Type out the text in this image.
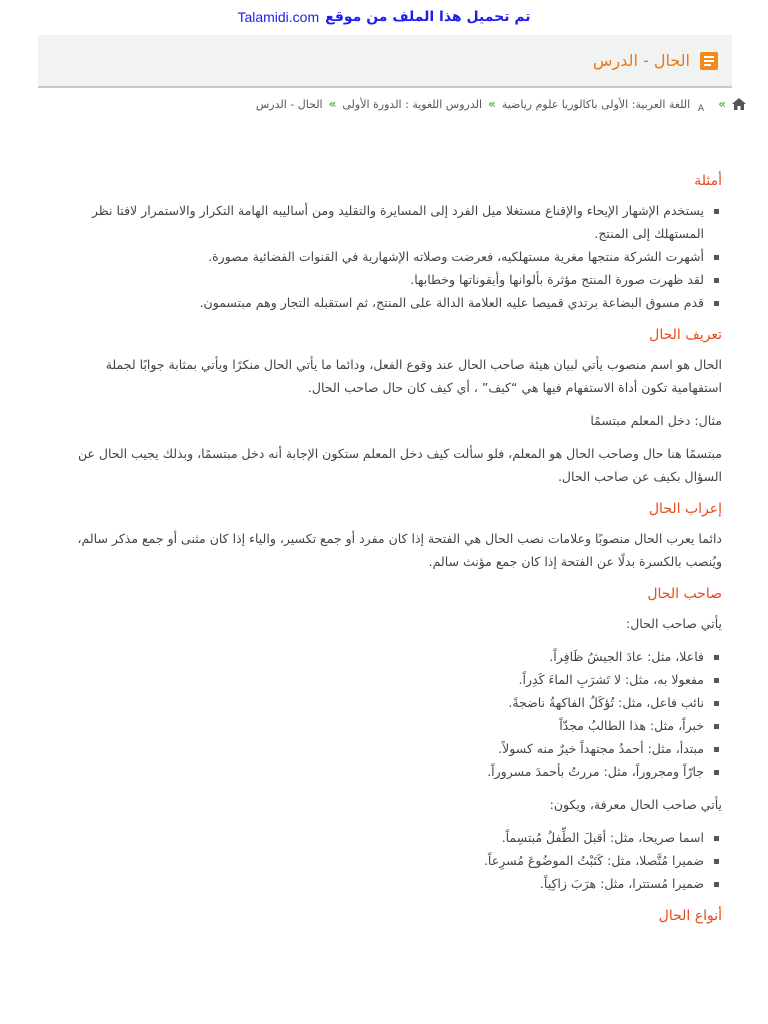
تم تحميل هذا الملف من موقع
Talamidi.com
الحال - الدرس
»
A
اللغة العربية: الأولى باكالوريا علوم رياضية
»
الدروس اللغوية : الدورة الأولى
»
الحال - الدرس
أمثلة
يستخدم الإشهار الإيحاء والإقناع مستغلا ميل الفرد إلى المسايرة والتقليد ومن أساليبه الهامة التكرار والاستمرار لافتا نظر المستهلك إلى المنتج.
أشهرت الشركة منتجها مغرية مستهلكيه، فعرضت وصلاته الإشهارية في القنوات الفضائية مصورة.
لقد ظهرت صورة المنتج مؤثرة بألوانها وأيقوناتها وخطابها.
قدم مسوق البضاعة برتدي قميصا عليه العلامة الدالة على المنتج، ثم استقبله التجار وهم مبتسمون.
تعريف الحال

الحال هو اسم منصوب يأتي لبيان هيئة صاحب الحال عند وقوع الفعل، ودائما ما يأتي الحال منكرًا ويأتي بمثابة جوابًا لجملة استفهامية تكون أداة الاستفهام فيها هي “كيف” ، أي كيف كان حال صاحب الحال.

مثال: دخل المعلم مبتسمًا

مبتسمًا هنا حال وصاحب الحال هو المعلم، فلو سألت كيف دخل المعلم ستكون الإجابة أنه دخل مبتسمًا، وبذلك يجيب الحال عن السؤال بكيف عن صاحب الحال.

إعراب الحال

دائما يعرب الحال منصوبًا وعلامات نصب الحال هي الفتحة إذا كان مفرد أو جمع تكسير، والياء إذا كان مثنى أو جمع مذكر سالم، ويُنصب بالكسرة بدلًا عن الفتحة إذا كان جمع مؤنث سالم.

صاحب الحال

يأتي صاحب الحال:

فاعلا، مثل: عادَ الجيشُ ظَافِراً.
مفعولا به، مثل: لا تَشرَبِ الماءَ كَدِراً.
نائب فاعل، مثل: تُؤكَلُ الفاكهةُ ناضجةً.
خبراً، مثل: هذا الطالبُ مجدّاً
مبتدأ، مثل: أحمدُ مجتهداً خيرٌ منه كسولاً.
جارّاً ومجروراً، مثل: مررتُ بأحمدَ مسروراً.

يأتي صاحب الحال معرفة، ويكون:

اسما صريحا، مثل: أقبلَ الطِّفلُ مُبتسِماً.
ضميرا مُتَّصلا، مثل: كَتَبْتُ الموضُوعَ مُسرِعاً.
ضميرا مُستترا، مثل: هرَبَ زاكِياً.
أنواع الحال
